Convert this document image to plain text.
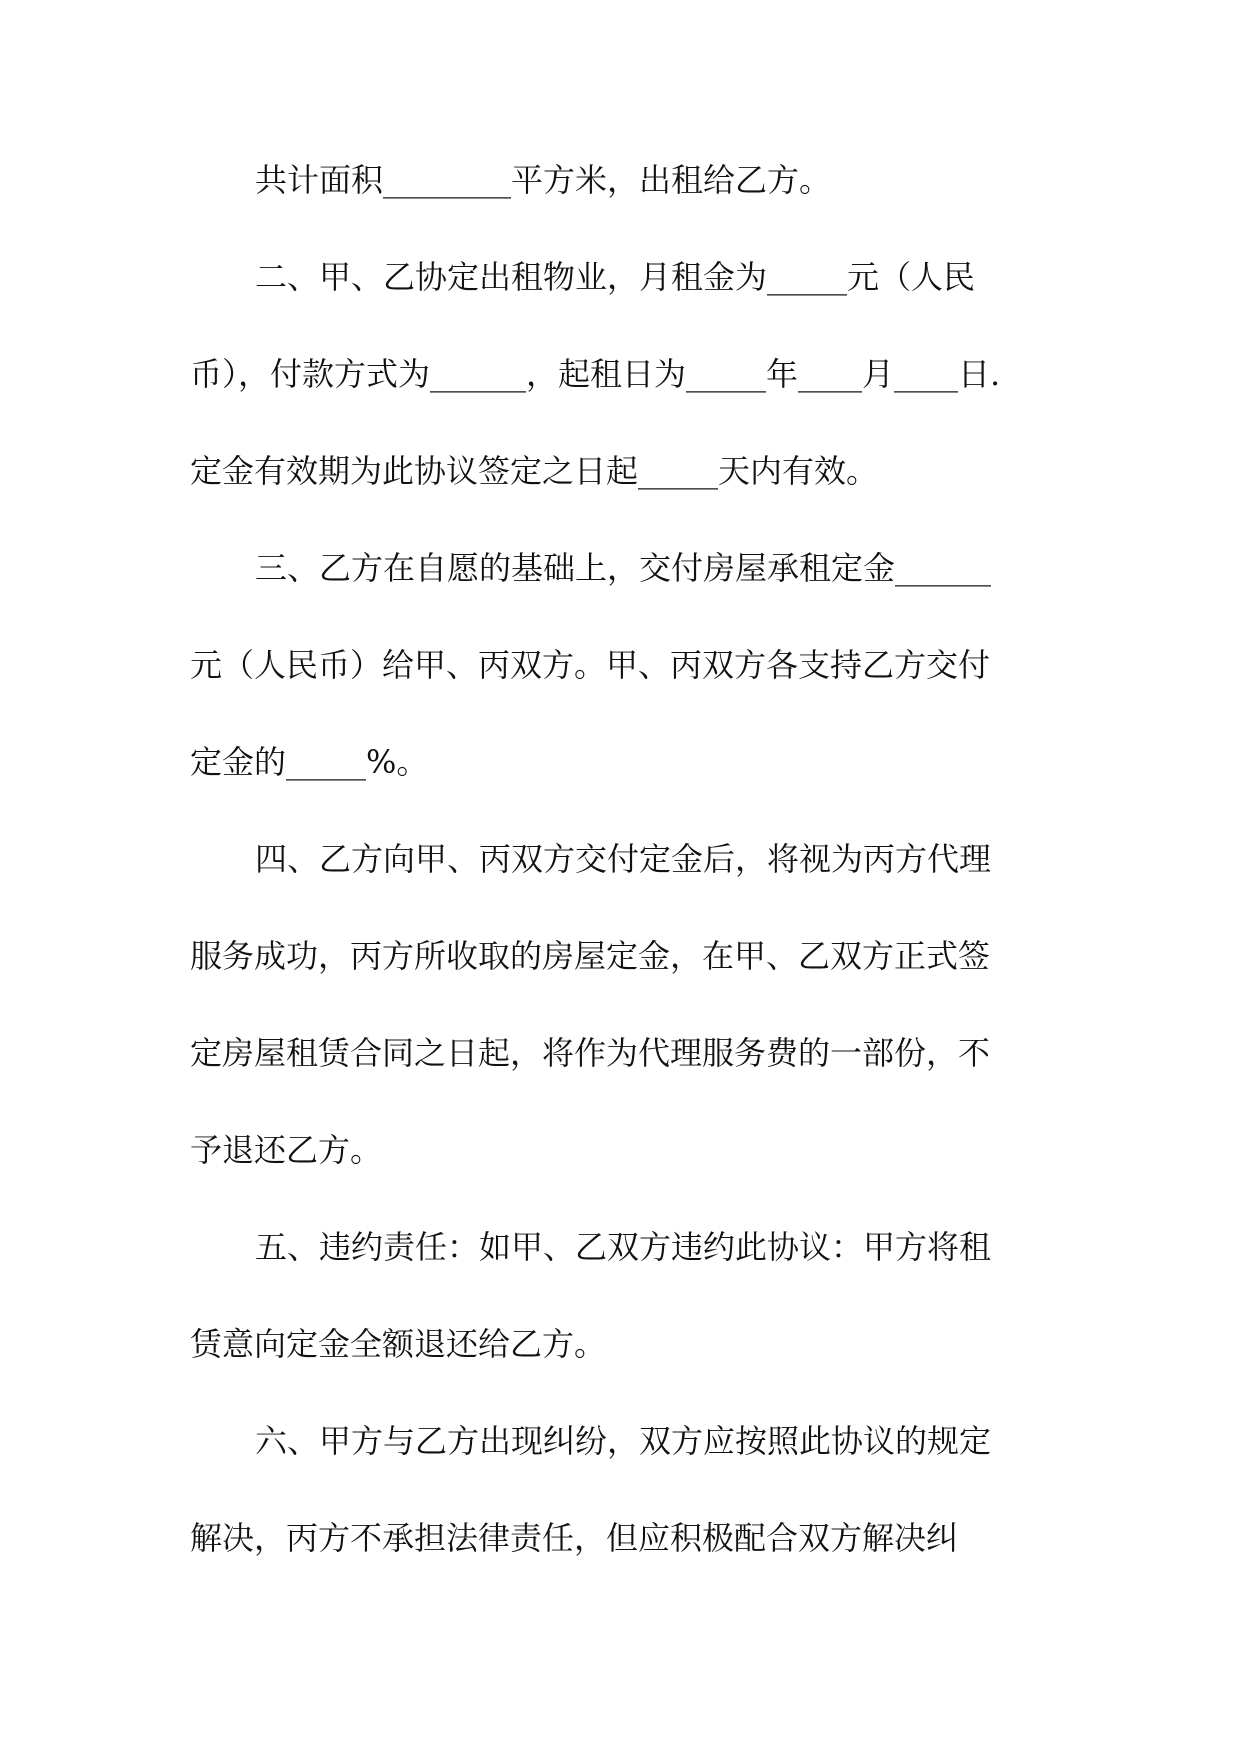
共计面积________平方米，出租给乙方。

二、甲、乙协定出租物业，月租金为_____元（人民

币），付款方式为______，起租日为_____年____月____日.

定金有效期为此协议签定之日起_____天内有效。

三、乙方在自愿的基础上，交付房屋承租定金______

元（人民币）给甲、丙双方。甲、丙双方各支持乙方交付

定金的_____%。

四、乙方向甲、丙双方交付定金后，将视为丙方代理

服务成功，丙方所收取的房屋定金，在甲、乙双方正式签

定房屋租赁合同之日起，将作为代理服务费的一部份，不

予退还乙方。

五、违约责任：如甲、乙双方违约此协议：甲方将租

赁意向定金全额退还给乙方。

六、甲方与乙方出现纠纷，双方应按照此协议的规定

解决，丙方不承担法律责任，但应积极配合双方解决纠
